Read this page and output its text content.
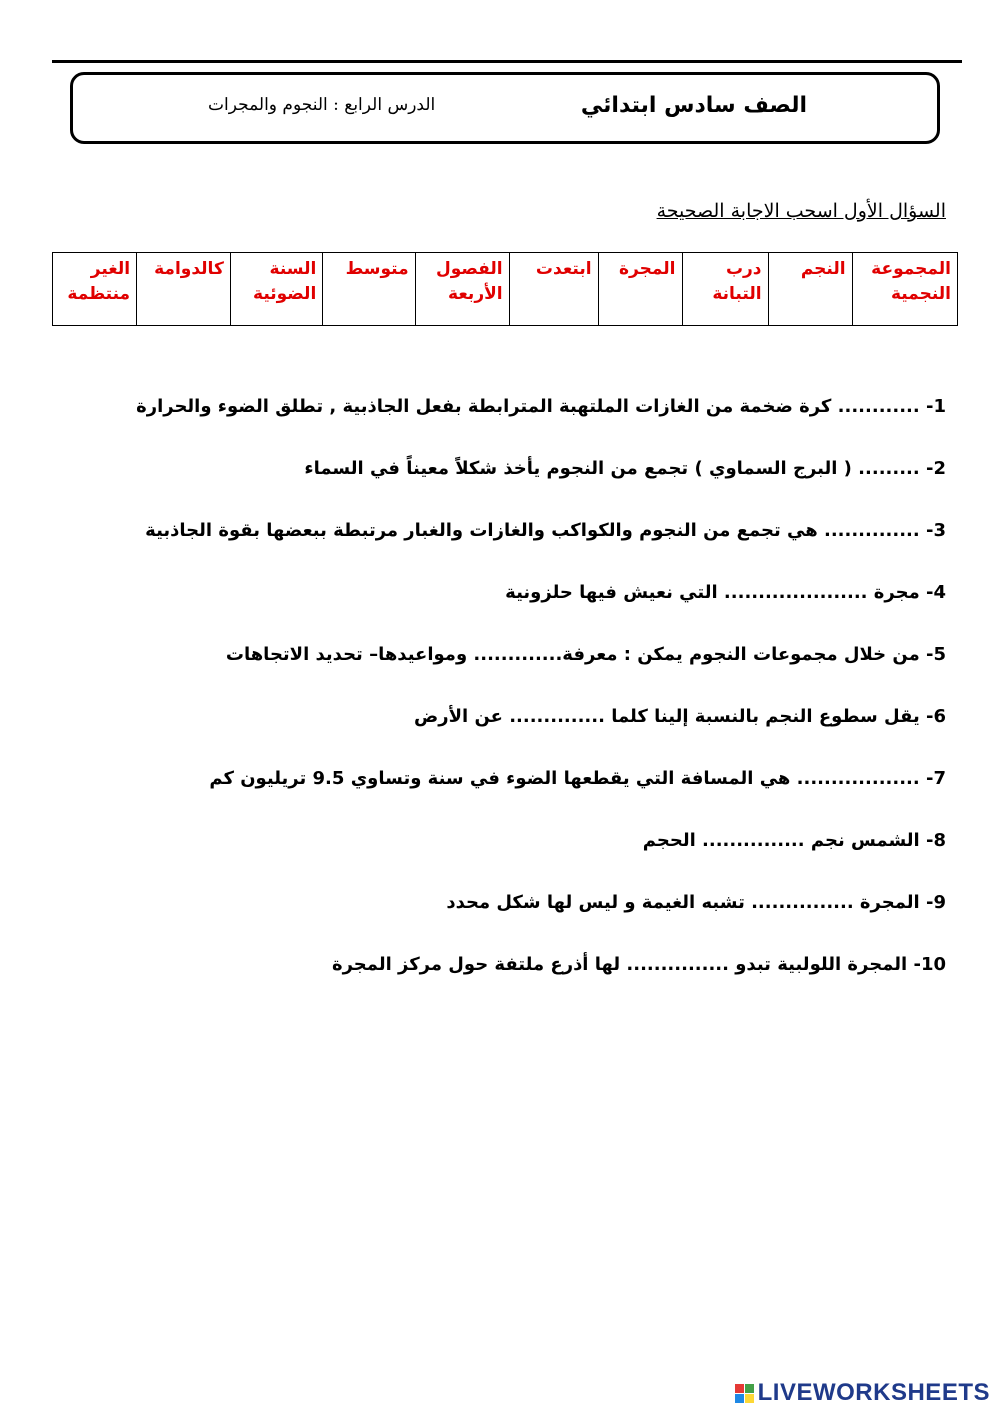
الصف سادس ابتدائي
الدرس الرابع : النجوم والمجرات
السؤال الأول اسحب الاجابة الصحيحة
المجموعة النجمية	النجم	درب التبانة	المجرة	ابتعدت	الفصول الأربعة	متوسط	السنة الضوئية	كالدوامة	الغير منتظمة
1- ............ كرة ضخمة من الغازات الملتهبة المترابطة بفعل الجاذبية , تطلق الضوء والحرارة
2- ......... ( البرج السماوي ) تجمع من النجوم يأخذ شكلاً معيناً في السماء
3- .............. هي تجمع من النجوم والكواكب والغازات والغبار مرتبطة ببعضها بقوة الجاذبية
4- مجرة ..................... التي نعيش فيها حلزونية
5- من خلال مجموعات النجوم يمكن : معرفة............. ومواعيدها– تحديد الاتجاهات
6- يقل سطوع النجم بالنسبة إلينا كلما .............. عن الأرض
7- .................. هي المسافة التي يقطعها الضوء في سنة وتساوي 9.5 تريليون كم
8- الشمس نجم ............... الحجم
9- المجرة ............... تشبه الغيمة و ليس لها شكل محدد
10- المجرة اللولبية تبدو ............... لها أذرع ملتفة حول مركز المجرة
LIVEWORKSHEETS
